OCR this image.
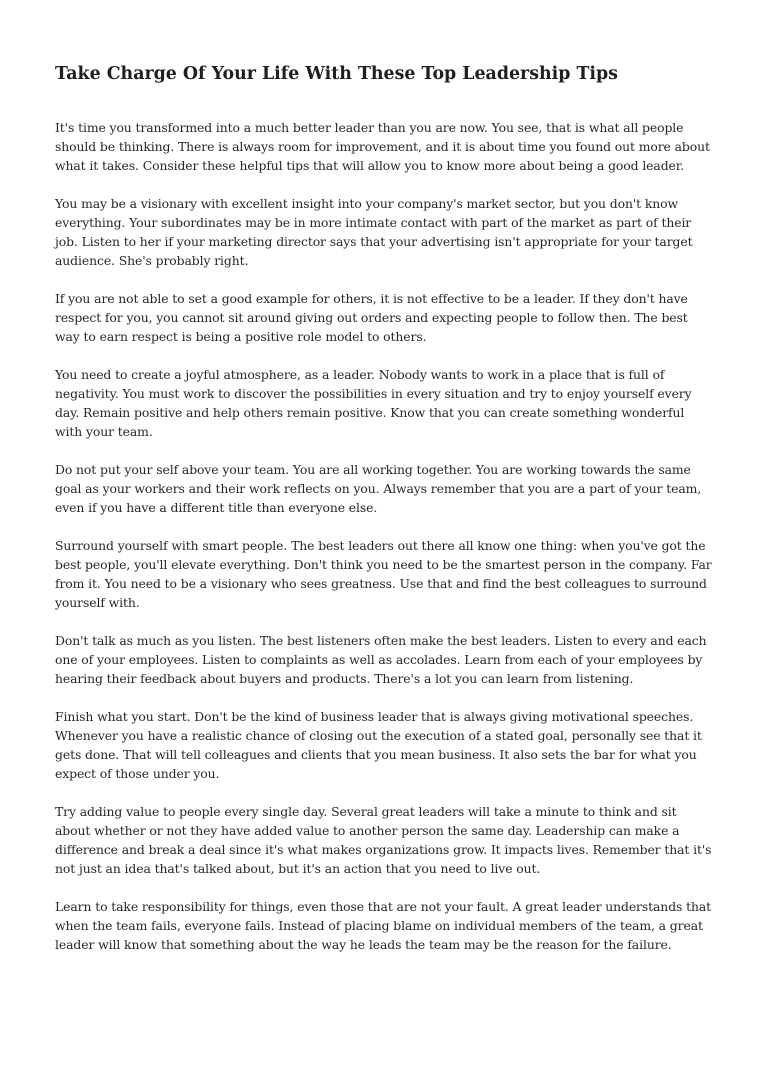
Take Charge Of Your Life With These Top Leadership Tips

It's time you transformed into a much better leader than you are now. You see, that is what all people should be thinking. There is always room for improvement, and it is about time you found out more about what it takes. Consider these helpful tips that will allow you to know more about being a good leader.

You may be a visionary with excellent insight into your company's market sector, but you don't know everything. Your subordinates may be in more intimate contact with part of the market as part of their job. Listen to her if your marketing director says that your advertising isn't appropriate for your target audience. She's probably right.

If you are not able to set a good example for others, it is not effective to be a leader. If they don't have respect for you, you cannot sit around giving out orders and expecting people to follow then. The best way to earn respect is being a positive role model to others.

You need to create a joyful atmosphere, as a leader. Nobody wants to work in a place that is full of negativity. You must work to discover the possibilities in every situation and try to enjoy yourself every day. Remain positive and help others remain positive. Know that you can create something wonderful with your team.

Do not put your self above your team. You are all working together. You are working towards the same goal as your workers and their work reflects on you. Always remember that you are a part of your team, even if you have a different title than everyone else.

Surround yourself with smart people. The best leaders out there all know one thing: when you've got the best people, you'll elevate everything. Don't think you need to be the smartest person in the company. Far from it. You need to be a visionary who sees greatness. Use that and find the best colleagues to surround yourself with.

Don't talk as much as you listen. The best listeners often make the best leaders. Listen to every and each one of your employees. Listen to complaints as well as accolades. Learn from each of your employees by hearing their feedback about buyers and products. There's a lot you can learn from listening.

Finish what you start. Don't be the kind of business leader that is always giving motivational speeches. Whenever you have a realistic chance of closing out the execution of a stated goal, personally see that it gets done. That will tell colleagues and clients that you mean business. It also sets the bar for what you expect of those under you.

Try adding value to people every single day. Several great leaders will take a minute to think and sit about whether or not they have added value to another person the same day. Leadership can make a difference and break a deal since it's what makes organizations grow. It impacts lives. Remember that it's not just an idea that's talked about, but it's an action that you need to live out.

Learn to take responsibility for things, even those that are not your fault. A great leader understands that when the team fails, everyone fails. Instead of placing blame on individual members of the team, a great leader will know that something about the way he leads the team may be the reason for the failure.
